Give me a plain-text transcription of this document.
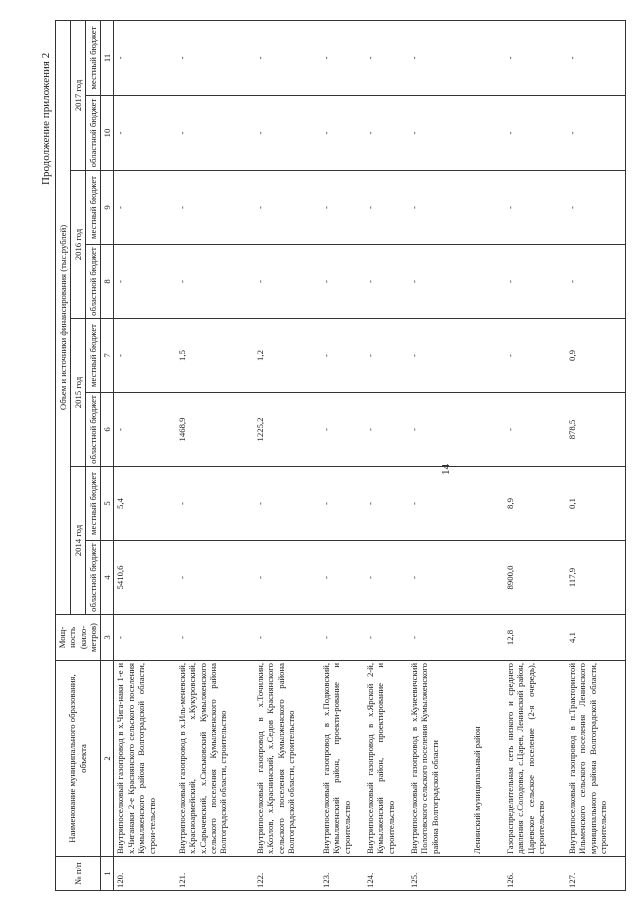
14
Продолжение приложения 2
№ п/п	Наименование муниципального образования, объекта	Мощ-ность (кило-метров)	Объем и источники финансирования (тыс.рублей)							
			2014 год		2015 год		2016 год		2017 год	
			областной бюджет	местный бюджет	областной бюджет	местный бюджет	областной бюджет	местный бюджет	областной бюджет	местный бюджет
1	2	3	4	5	6	7	8	9	10	11
120.	Внутрипоселковый газопровод в х.Чига-наки 1-е и х.Чиганаки 2-е Краснянского сельского поселения Кумылженского района Волгоградской области, строи-тельство	-	5410,6	5,4	-	-	-	-	-	-
121.	Внутрипоселковый газопровод в х.Иль-меневский, х.Красноармейский, х.Кукуровский, х.Сарычевский, х.Сиськовский Кумылженского сельского поселения Кумылженского района Волгоградской области, строительство	-	-	-	1468,9	1,5	-	-	-	-
122.	Внутрипоселковый газопровод в х.Точилкин, х.Козлов, х.Краснинский, х.Седов Краснянского сельского поселения Кумылженского района Волгоградской области, строительство	-	-	-	1225,2	1,2	-	-	-	-
123.	Внутрипоселковый газопровод в х.Подковский, Кумылженский район, проекти-рование и строительство	-	-	-	-	-	-	-	-	-
124.	Внутрипоселковый газопровод в х.Ярской 2-й, Кумылженский район, проектирование и строительство	-	-	-	-	-	-	-	-	-
125.	Внутрипоселковый газопровод в х.Кунеевичский Пологовского сельского поселения Кумылженского района Волгоградской области	-	-	-	-	-	-	-	-	-
	Ленинский муниципальный район									
126.	Газораспределительная сеть низкого и среднего давления с.Солодовка, с.Царев, Ленинский район, Царевское сельское поселение (2-я очередь), строительство	12,8	8900,0	8,9	-	-	-	-	-	-
127.	Внутрипоселковый газопровод в п.Трактористой Ильменского сельского поселения Ленинского муниципального района Волгоградской области, строительство	4,1	117,9	0,1	878,5	0,9	-	-	-	-
